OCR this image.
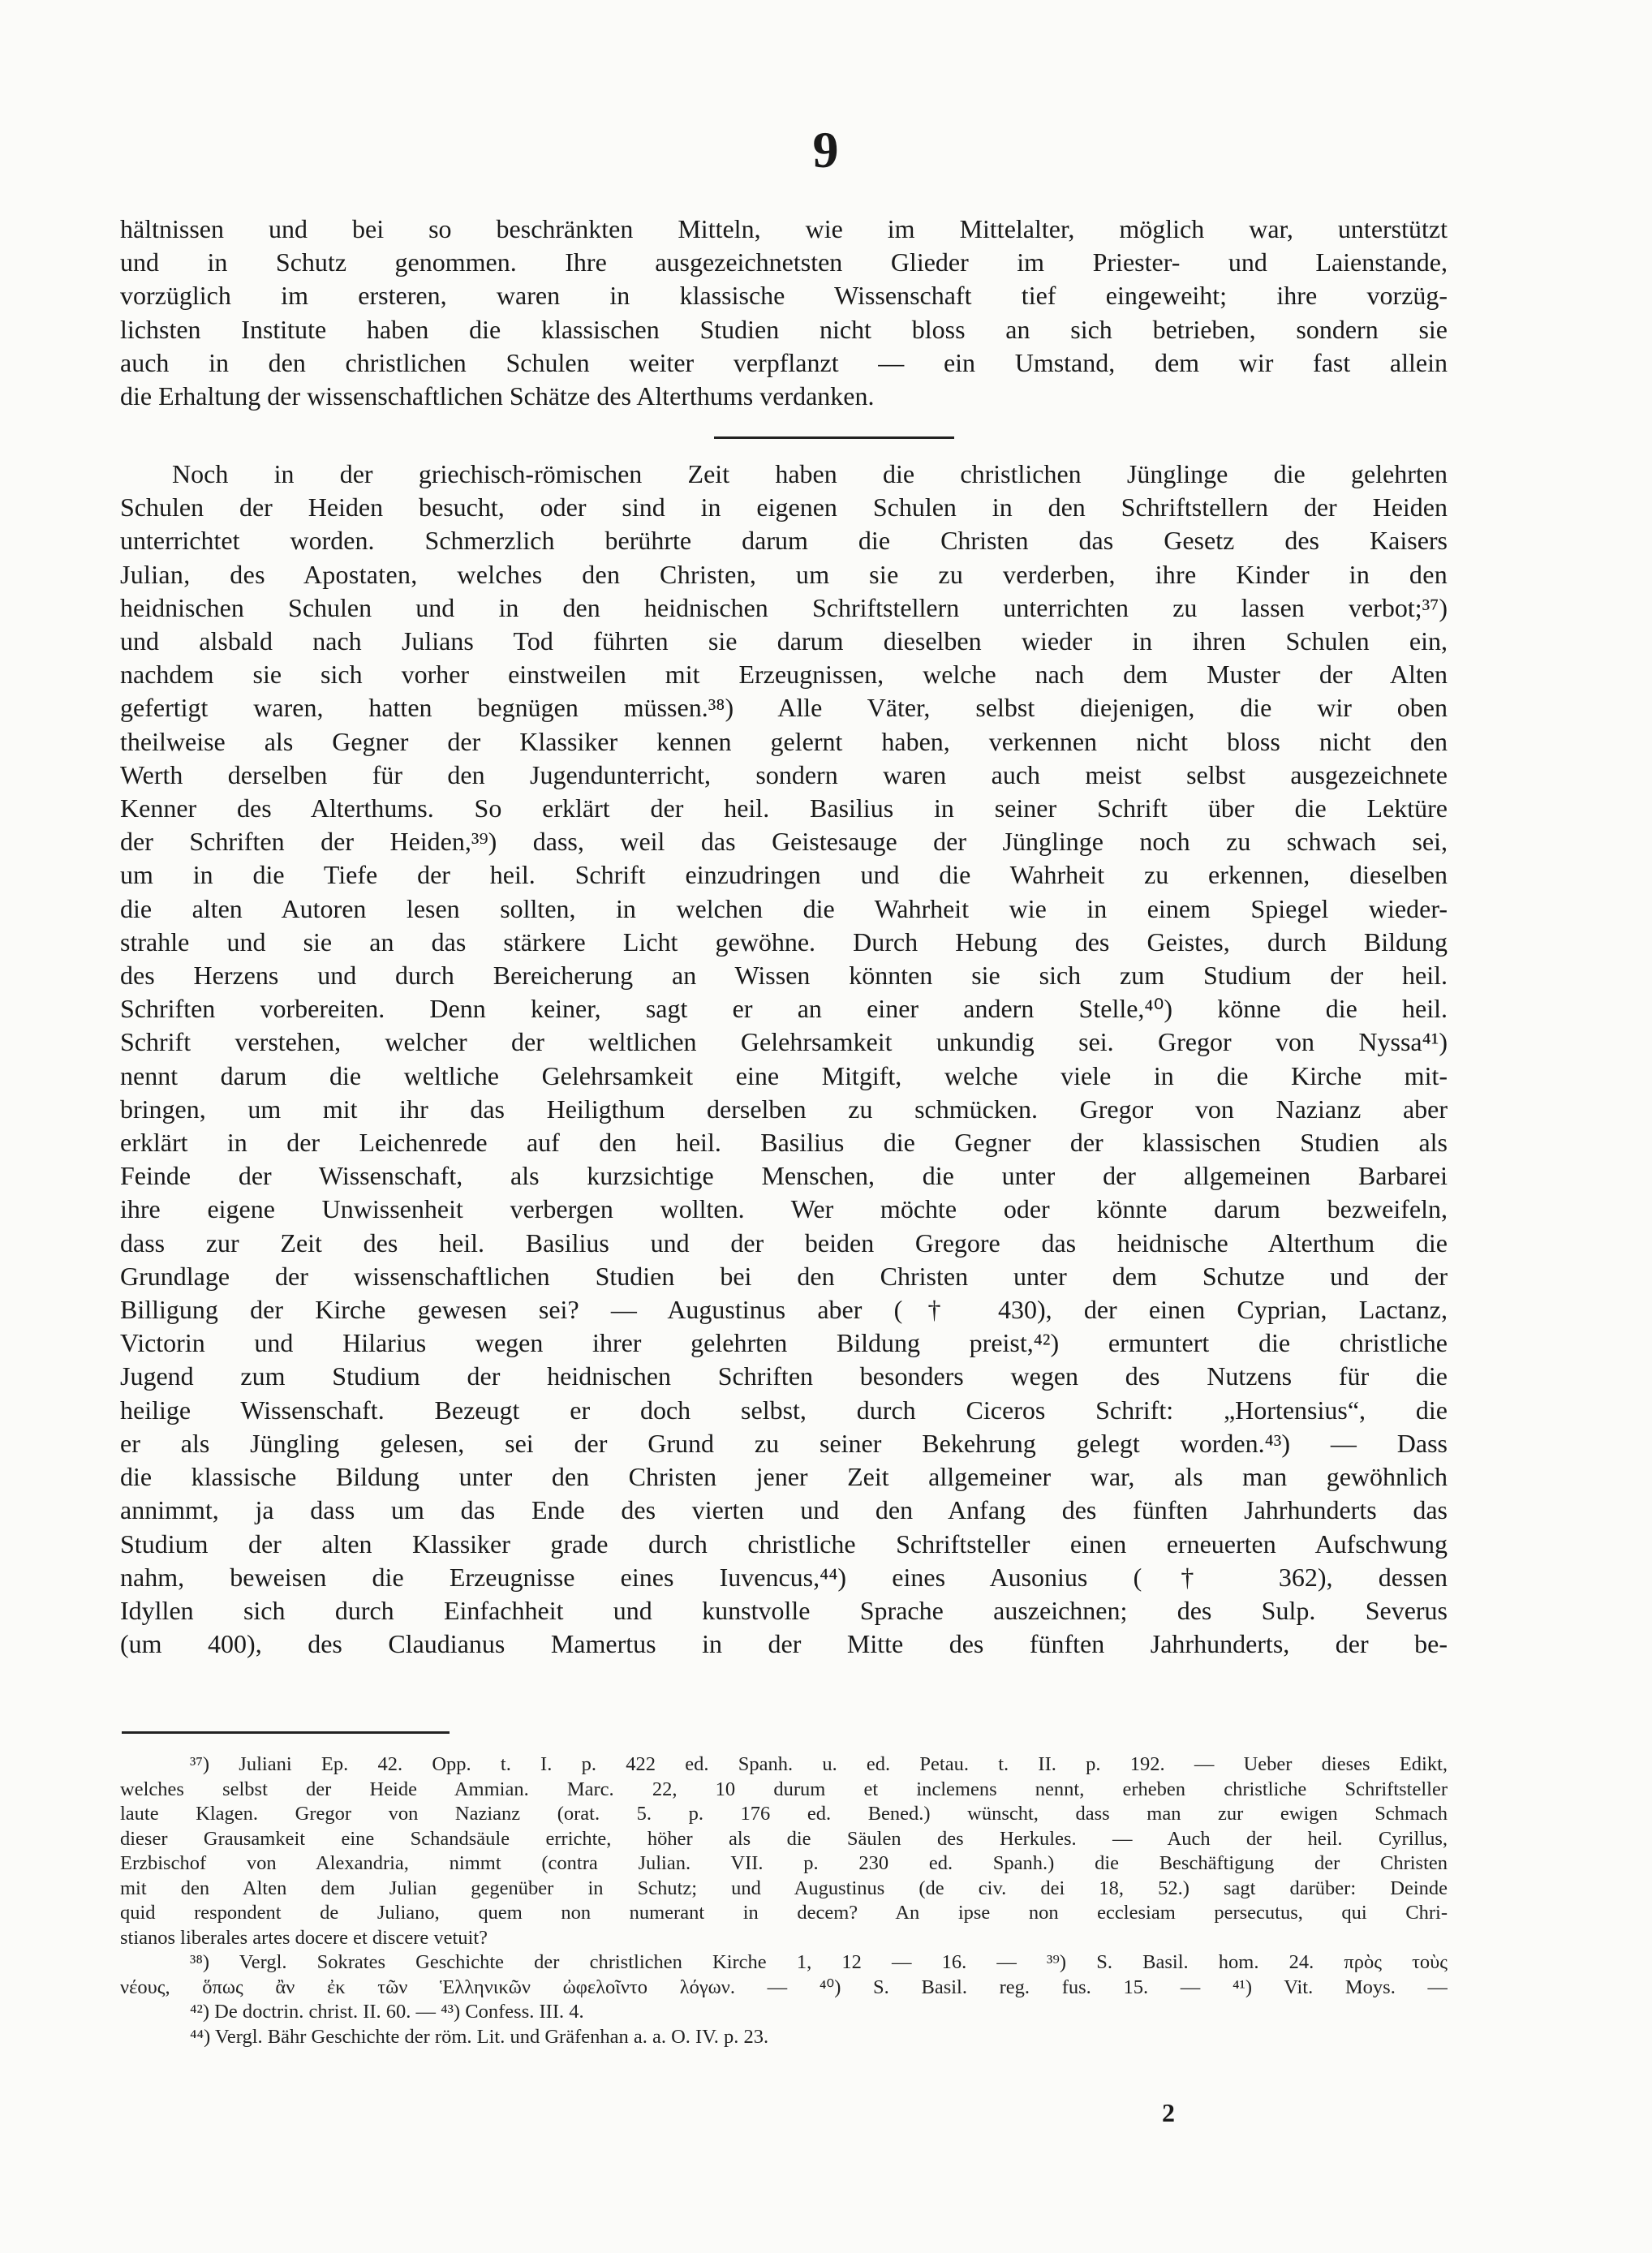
9
hältnissen und bei so beschränkten Mitteln, wie im Mittelalter, möglich war, unterstützt
und in Schutz genommen. Ihre ausgezeichnetsten Glieder im Priester- und Laienstande,
vorzüglich im ersteren, waren in klassische Wissenschaft tief eingeweiht; ihre vorzüg-
lichsten Institute haben die klassischen Studien nicht bloss an sich betrieben, sondern sie
auch in den christlichen Schulen weiter verpflanzt — ein Umstand, dem wir fast allein
die Erhaltung der wissenschaftlichen Schätze des Alterthums verdanken.
Noch in der griechisch-römischen Zeit haben die christlichen Jünglinge die gelehrten
Schulen der Heiden besucht, oder sind in eigenen Schulen in den Schriftstellern der Heiden
unterrichtet worden. Schmerzlich berührte darum die Christen das Gesetz des Kaisers
Julian, des Apostaten, welches den Christen, um sie zu verderben, ihre Kinder in den
heidnischen Schulen und in den heidnischen Schriftstellern unterrichten zu lassen verbot;³⁷)
und alsbald nach Julians Tod führten sie darum dieselben wieder in ihren Schulen ein,
nachdem sie sich vorher einstweilen mit Erzeugnissen, welche nach dem Muster der Alten
gefertigt waren, hatten begnügen müssen.³⁸) Alle Väter, selbst diejenigen, die wir oben
theilweise als Gegner der Klassiker kennen gelernt haben, verkennen nicht bloss nicht den
Werth derselben für den Jugendunterricht, sondern waren auch meist selbst ausgezeichnete
Kenner des Alterthums. So erklärt der heil. Basilius in seiner Schrift über die Lektüre
der Schriften der Heiden,³⁹) dass, weil das Geistesauge der Jünglinge noch zu schwach sei,
um in die Tiefe der heil. Schrift einzudringen und die Wahrheit zu erkennen, dieselben
die alten Autoren lesen sollten, in welchen die Wahrheit wie in einem Spiegel wieder-
strahle und sie an das stärkere Licht gewöhne. Durch Hebung des Geistes, durch Bildung
des Herzens und durch Bereicherung an Wissen könnten sie sich zum Studium der heil.
Schriften vorbereiten. Denn keiner, sagt er an einer andern Stelle,⁴⁰) könne die heil.
Schrift verstehen, welcher der weltlichen Gelehrsamkeit unkundig sei. Gregor von Nyssa⁴¹)
nennt darum die weltliche Gelehrsamkeit eine Mitgift, welche viele in die Kirche mit-
bringen, um mit ihr das Heiligthum derselben zu schmücken. Gregor von Nazianz aber
erklärt in der Leichenrede auf den heil. Basilius die Gegner der klassischen Studien als
Feinde der Wissenschaft, als kurzsichtige Menschen, die unter der allgemeinen Barbarei
ihre eigene Unwissenheit verbergen wollten. Wer möchte oder könnte darum bezweifeln,
dass zur Zeit des heil. Basilius und der beiden Gregore das heidnische Alterthum die
Grundlage der wissenschaftlichen Studien bei den Christen unter dem Schutze und der
Billigung der Kirche gewesen sei? — Augustinus aber († 430), der einen Cyprian, Lactanz,
Victorin und Hilarius wegen ihrer gelehrten Bildung preist,⁴²) ermuntert die christliche
Jugend zum Studium der heidnischen Schriften besonders wegen des Nutzens für die
heilige Wissenschaft. Bezeugt er doch selbst, durch Ciceros Schrift: „Hortensius“, die
er als Jüngling gelesen, sei der Grund zu seiner Bekehrung gelegt worden.⁴³) — Dass
die klassische Bildung unter den Christen jener Zeit allgemeiner war, als man gewöhnlich
annimmt, ja dass um das Ende des vierten und den Anfang des fünften Jahrhunderts das
Studium der alten Klassiker grade durch christliche Schriftsteller einen erneuerten Aufschwung
nahm, beweisen die Erzeugnisse eines Iuvencus,⁴⁴) eines Ausonius († 362), dessen
Idyllen sich durch Einfachheit und kunstvolle Sprache auszeichnen; des Sulp. Severus
(um 400), des Claudianus Mamertus in der Mitte des fünften Jahrhunderts, der be-
³⁷) Juliani Ep. 42. Opp. t. I. p. 422 ed. Spanh. u. ed. Petau. t. II. p. 192. — Ueber dieses Edikt,
welches selbst der Heide Ammian. Marc. 22, 10 durum et inclemens nennt, erheben christliche Schriftsteller
laute Klagen. Gregor von Nazianz (orat. 5. p. 176 ed. Bened.) wünscht, dass man zur ewigen Schmach
dieser Grausamkeit eine Schandsäule errichte, höher als die Säulen des Herkules. — Auch der heil. Cyrillus,
Erzbischof von Alexandria, nimmt (contra Julian. VII. p. 230 ed. Spanh.) die Beschäftigung der Christen
mit den Alten dem Julian gegenüber in Schutz; und Augustinus (de civ. dei 18, 52.) sagt darüber: Deinde
quid respondent de Juliano, quem non numerant in decem? An ipse non ecclesiam persecutus, qui Chri-
stianos liberales artes docere et discere vetuit?
³⁸) Vergl. Sokrates Geschichte der christlichen Kirche 1, 12 — 16. — ³⁹) S. Basil. hom. 24. πρὸς τοὺς
νέους, ὅπως ἂν ἐκ τῶν Ἑλληνικῶν ὠφελοῖντο λόγων. — ⁴⁰) S. Basil. reg. fus. 15. — ⁴¹) Vit. Moys. —
⁴²) De doctrin. christ. II. 60. — ⁴³) Confess. III. 4.
⁴⁴) Vergl. Bähr Geschichte der röm. Lit. und Gräfenhan a. a. O. IV. p. 23.
2
